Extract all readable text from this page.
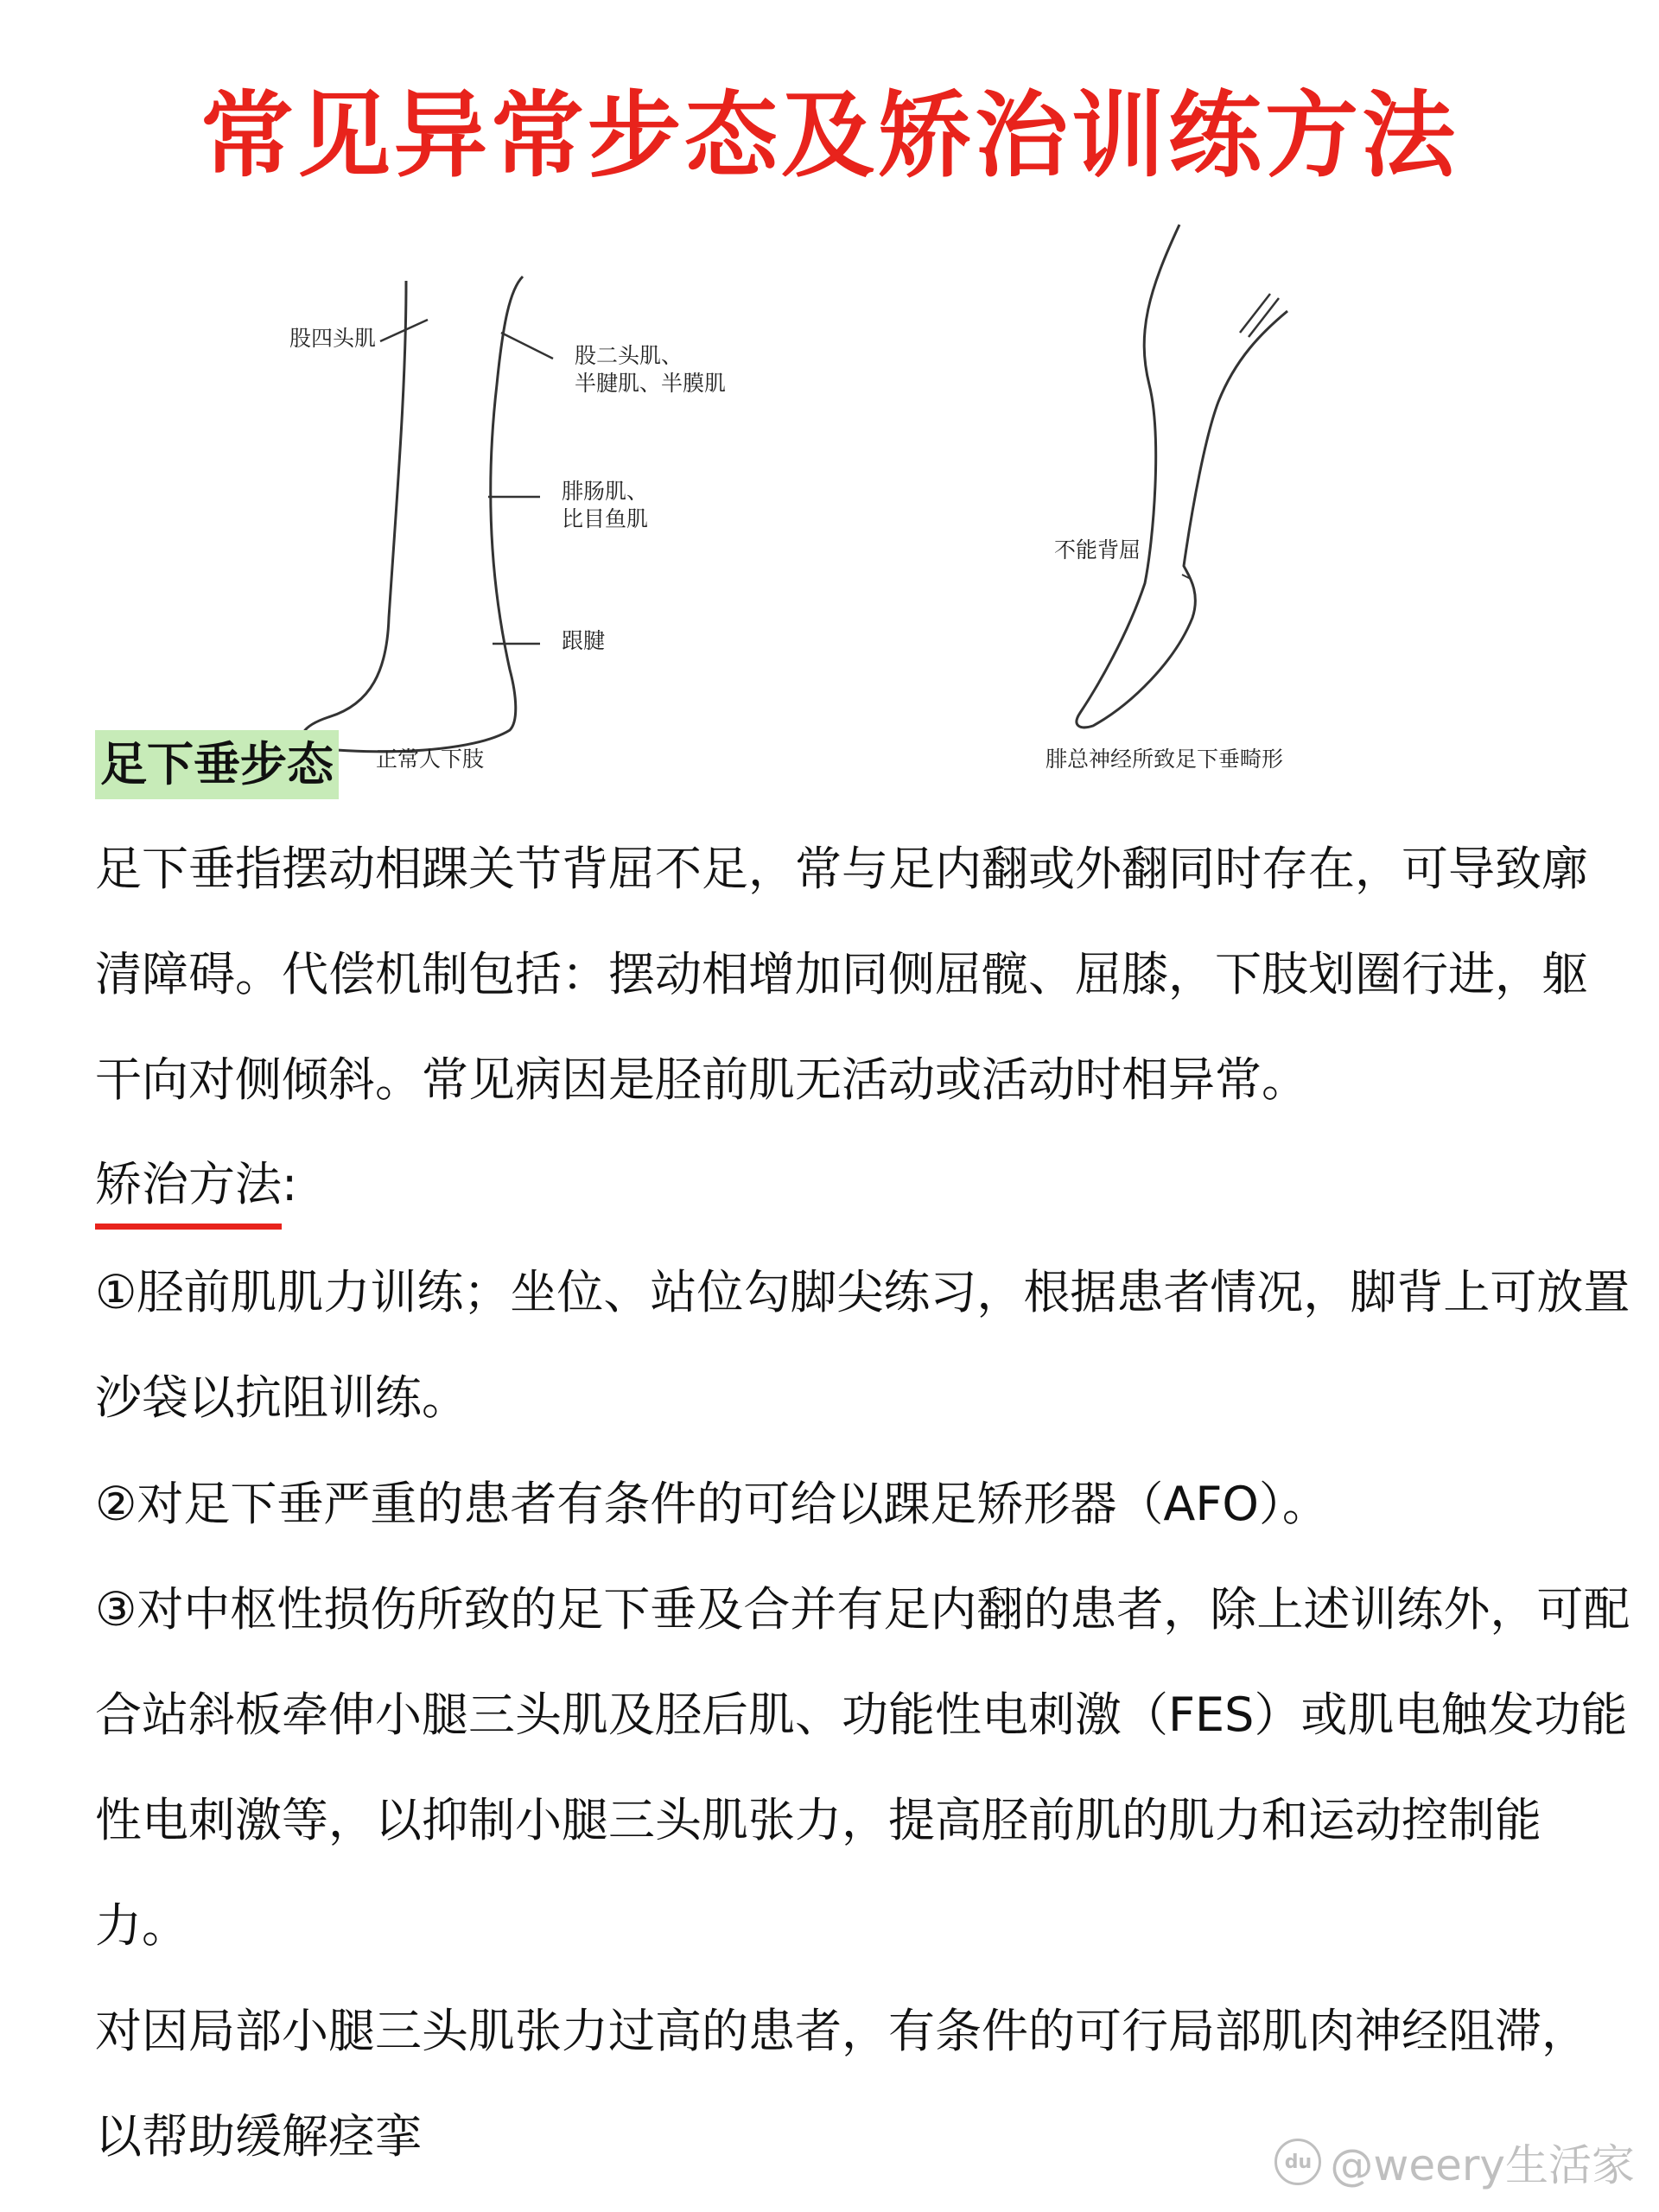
常见异常步态及矫治训练方法
股四头肌
股二头肌、
半腱肌、半膜肌
腓肠肌、
比目鱼肌
跟腱
正常人下肢
不能背屈
腓总神经所致足下垂畸形
足下垂步态
足下垂指摆动相踝关节背屈不足，常与足内翻或外翻同时存在，可导致廓清障碍。代偿机制包括：摆动相增加同侧屈髋、屈膝，下肢划圈行进，躯干向对侧倾斜。常见病因是胫前肌无活动或活动时相异常。
矫治方法:
①胫前肌肌力训练；坐位、站位勾脚尖练习，根据患者情况，脚背上可放置沙袋以抗阻训练。
②对足下垂严重的患者有条件的可给以踝足矫形器（AFO）。
③对中枢性损伤所致的足下垂及合并有足内翻的患者，除上述训练外，可配合站斜板牵伸小腿三头肌及胫后肌、功能性电刺激（FES）或肌电触发功能性电刺激等，以抑制小腿三头肌张力，提高胫前肌的肌力和运动控制能力。
对因局部小腿三头肌张力过高的患者，有条件的可行局部肌肉神经阻滞，以帮助缓解痉挛	du @weery生活家
